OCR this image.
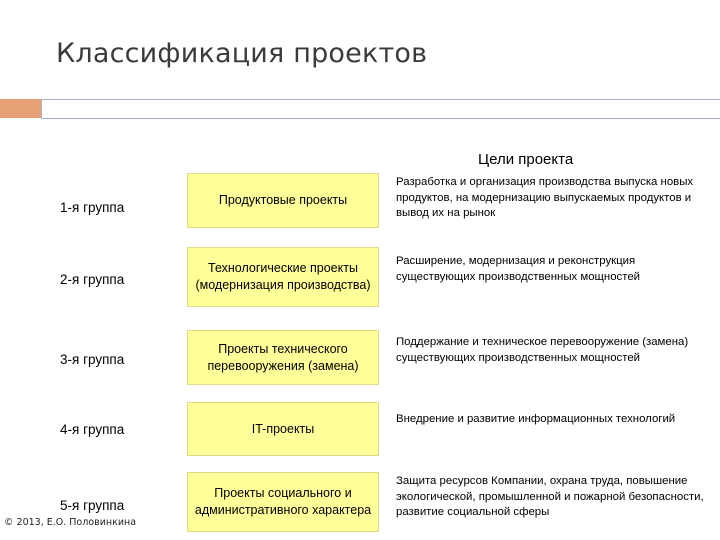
Классификация проектов
Цели проекта
1-я группа	Продуктовые проекты
Разработка и организация производства выпуска новых продуктов, на модернизацию выпускаемых продуктов и вывод их на рынок
2-я группа
Технологические проекты (модернизация производства)
Расширение, модернизация и реконструкция существующих производственных мощностей
3-я группа
Проекты технического перевооружения (замена)
Поддержание и техническое перевооружение (замена) существующих производственных мощностей
4-я группа	IT-проекты
Внедрение и развитие информационных технологий
5-я группа
Проекты социального и административного характера
Защита ресурсов Компании, охрана труда, повышение экологической, промышленной и пожарной безопасности, развитие социальной сферы
© 2013, Е.О. Половинкина
